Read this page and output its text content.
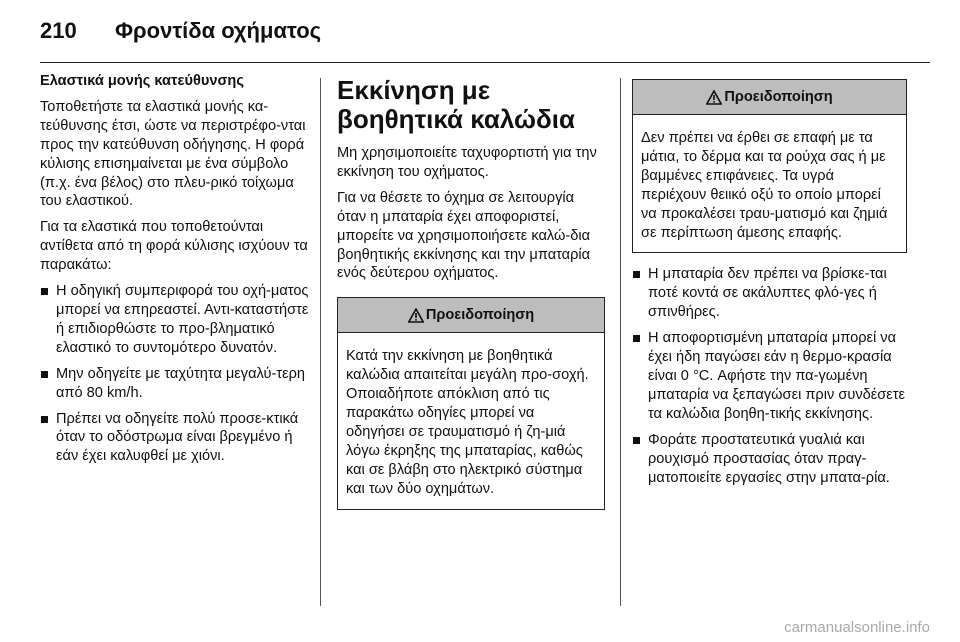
210 Φροντίδα οχήματος

Ελαστικά μονής κατεύθυνσης

Τοποθετήστε τα ελαστικά μονής κα-τεύθυνσης έτσι, ώστε να περιστρέφο-νται προς την κατεύθυνση οδήγησης. Η φορά κύλισης επισημαίνεται με ένα σύμβολο (π.χ. ένα βέλος) στο πλευ-ρικό τοίχωμα του ελαστικού.

Για τα ελαστικά που τοποθετούνται αντίθετα από τη φορά κύλισης ισχύουν τα παρακάτω:

Η οδηγική συμπεριφορά του οχή-ματος μπορεί να επηρεαστεί. Αντι-καταστήστε ή επιδιορθώστε το προ-βληματικό ελαστικό το συντομότερο δυνατόν.
Μην οδηγείτε με ταχύτητα μεγαλύ-τερη από 80 km/h.
Πρέπει να οδηγείτε πολύ προσε-κτικά όταν το οδόστρωμα είναι βρεγμένο ή εάν έχει καλυφθεί με χιόνι.
Εκκίνηση με βοηθητικά καλώδια

Μη χρησιμοποιείτε ταχυφορτιστή για την εκκίνηση του οχήματος.

Για να θέσετε το όχημα σε λειτουργία όταν η μπαταρία έχει αποφοριστεί, μπορείτε να χρησιμοποιήσετε καλώ-δια βοηθητικής εκκίνησης και την μπαταρία ενός δεύτερου οχήματος.

Προειδοποίηση
Κατά την εκκίνηση με βοηθητικά καλώδια απαιτείται μεγάλη προ-σοχή. Οποιαδήποτε απόκλιση από τις παρακάτω οδηγίες μπορεί να οδηγήσει σε τραυματισμό ή ζη-μιά λόγω έκρηξης της μπαταρίας, καθώς και σε βλάβη στο ηλεκτρικό σύστημα και των δύο οχημάτων.
Προειδοποίηση
Δεν πρέπει να έρθει σε επαφή με τα μάτια, το δέρμα και τα ρούχα σας ή με βαμμένες επιφάνειες. Τα υγρά περιέχουν θειικό οξύ το οποίο μπορεί να προκαλέσει τραυ-ματισμό και ζημιά σε περίπτωση άμεσης επαφής.
Η μπαταρία δεν πρέπει να βρίσκε-ται ποτέ κοντά σε ακάλυπτες φλό-γες ή σπινθήρες.
Η αποφορτισμένη μπαταρία μπορεί να έχει ήδη παγώσει εάν η θερμο-κρασία είναι 0 °C. Αφήστε την πα-γωμένη μπαταρία να ξεπαγώσει πριν συνδέσετε τα καλώδια βοηθη-τικής εκκίνησης.
Φοράτε προστατευτικά γυαλιά και ρουχισμό προστασίας όταν πραγ-ματοποιείτε εργασίες στην μπατα-ρία.
carmanualsonline.info
